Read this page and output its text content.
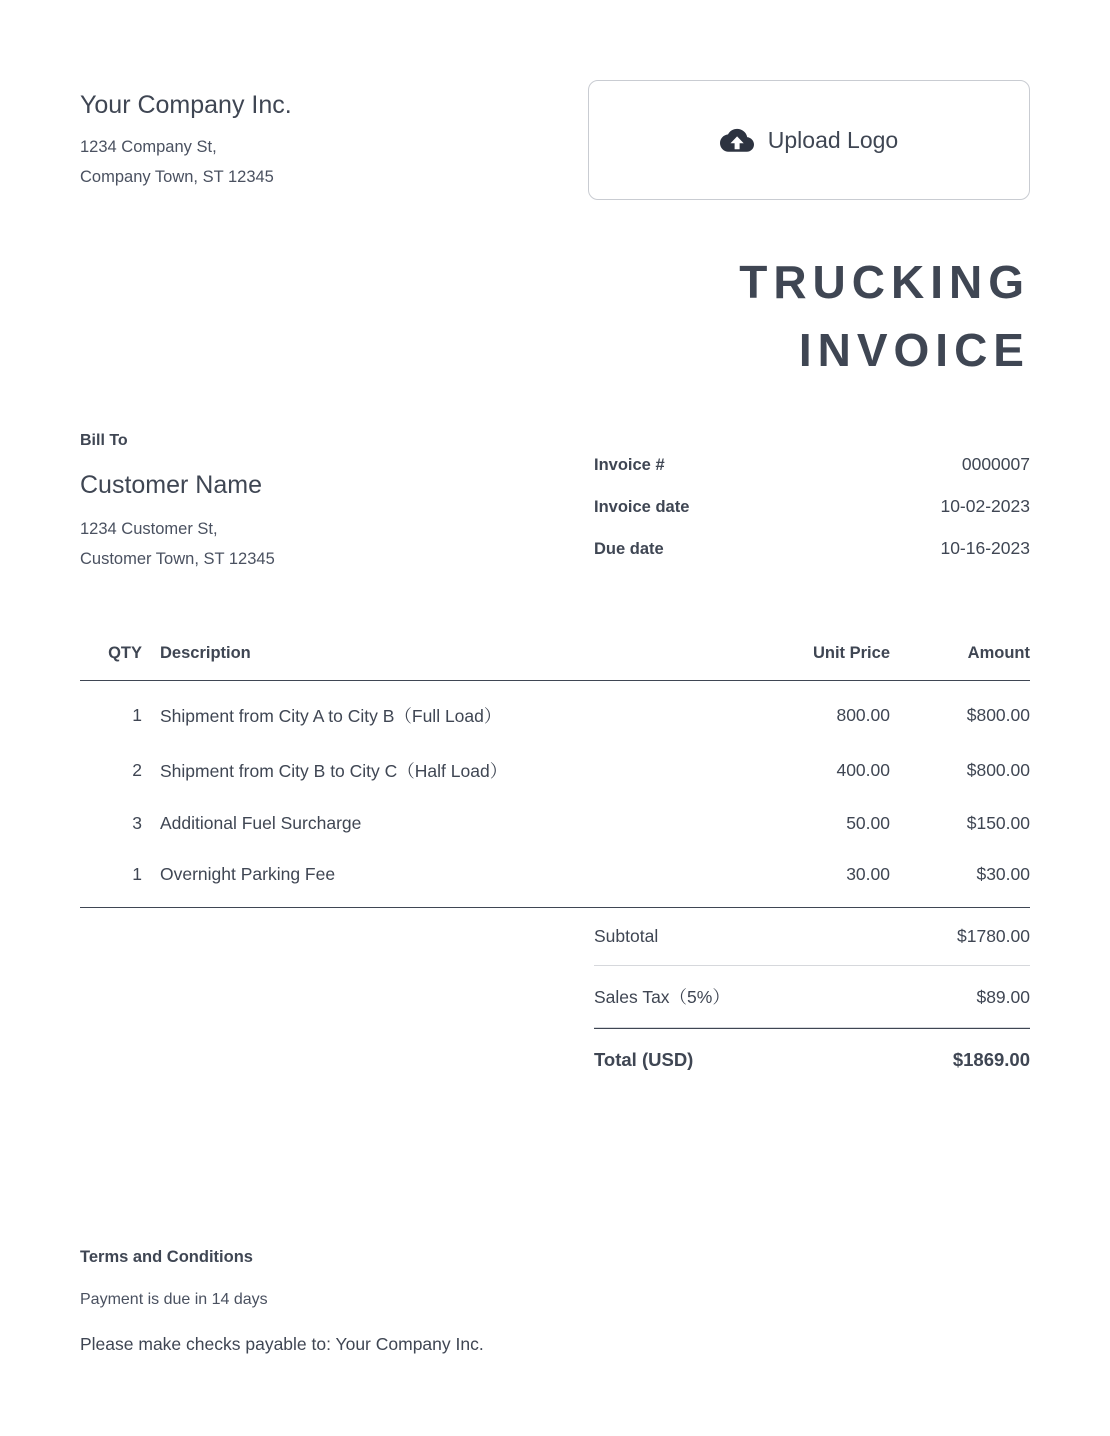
Your Company Inc.
1234 Company St,
Company Town, ST 12345
Upload Logo
TRUCKING
INVOICE
Bill To
Customer Name
1234 Customer St,
Customer Town, ST 12345
Invoice #	0000007
Invoice date	10-02-2023
Due date	10-16-2023
QTY	Description	Unit Price	Amount
1	Shipment from City A to City B（Full Load）	800.00	$800.00
2	Shipment from City B to City C（Half Load）	400.00	$800.00
3	Additional Fuel Surcharge	50.00	$150.00
1	Overnight Parking Fee	30.00	$30.00
Subtotal	$1780.00
Sales Tax（5%）	$89.00
Total (USD)	$1869.00
Terms and Conditions
Payment is due in 14 days
Please make checks payable to: Your Company Inc.
